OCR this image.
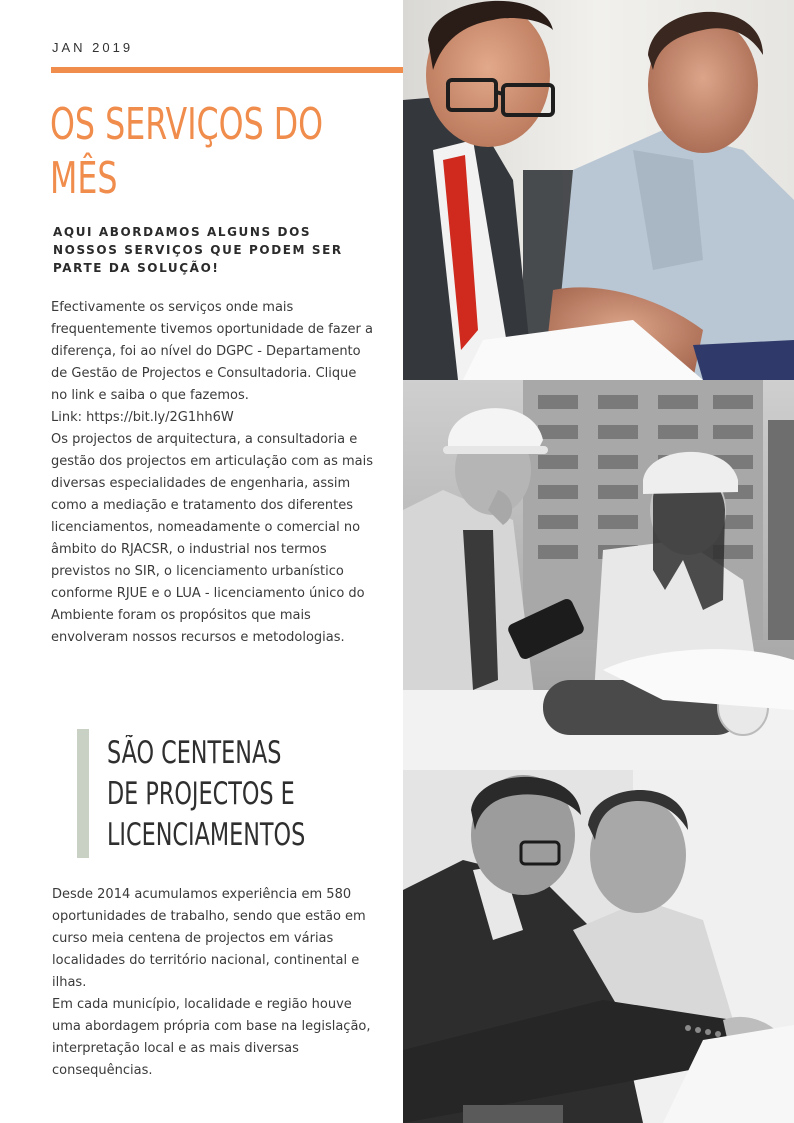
JAN 2019
OS SERVIÇOS DO
MÊS
AQUI ABORDAMOS ALGUNS DOS NOSSOS SERVIÇOS QUE PODEM SER PARTE DA SOLUÇÃO!

Efectivamente os serviços onde mais frequentemente tivemos oportunidade de fazer a diferença, foi ao nível do DGPC - Departamento de Gestão de Projectos e Consultadoria. Clique no link e saiba o que fazemos.

Link: https://bit.ly/2G1hh6W

Os projectos de arquitectura, a consultadoria e gestão dos projectos em articulação com as mais diversas especialidades de engenharia, assim como a mediação e tratamento dos diferentes licenciamentos, nomeadamente o comercial no âmbito do RJACSR, o industrial nos termos previstos no SIR, o licenciamento urbanístico conforme RJUE e o LUA - licenciamento único do Ambiente foram os propósitos que mais envolveram nossos recursos e metodologias.

SÃO CENTENAS
DE PROJECTOS E
LICENCIAMENTOS

Desde 2014 acumulamos experiência em 580 oportunidades de trabalho, sendo que estão em curso meia centena de projectos em várias localidades do território nacional, continental e ilhas.

Em cada município, localidade e região houve uma abordagem própria com base na legislação, interpretação local e as mais diversas consequências.
